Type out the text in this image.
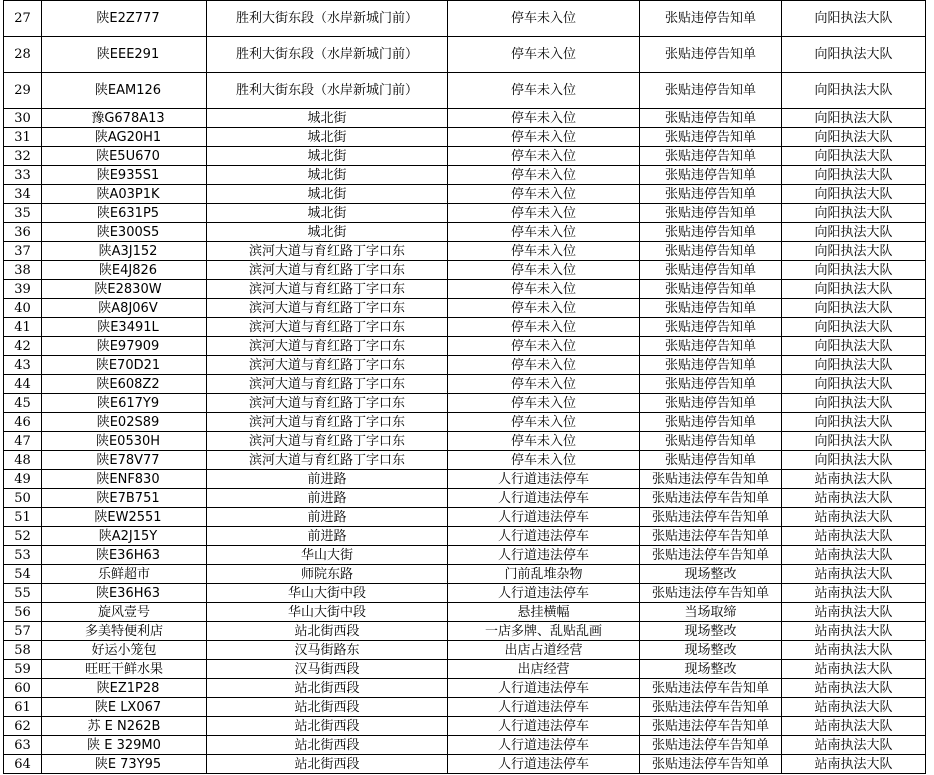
27	陕E2Z777	胜利大街东段（水岸新城门前）	停车未入位	张贴违停告知单	向阳执法大队
28	陕EEE291	胜利大街东段（水岸新城门前）	停车未入位	张贴违停告知单	向阳执法大队
29	陕EAM126	胜利大街东段（水岸新城门前）	停车未入位	张贴违停告知单	向阳执法大队
30	豫G678A13	城北街	停车未入位	张贴违停告知单	向阳执法大队
31	陕AG20H1	城北街	停车未入位	张贴违停告知单	向阳执法大队
32	陕E5U670	城北街	停车未入位	张贴违停告知单	向阳执法大队
33	陕E935S1	城北街	停车未入位	张贴违停告知单	向阳执法大队
34	陕A03P1K	城北街	停车未入位	张贴违停告知单	向阳执法大队
35	陕E631P5	城北街	停车未入位	张贴违停告知单	向阳执法大队
36	陕E300S5	城北街	停车未入位	张贴违停告知单	向阳执法大队
37	陕A3J152	滨河大道与育红路丁字口东	停车未入位	张贴违停告知单	向阳执法大队
38	陕E4J826	滨河大道与育红路丁字口东	停车未入位	张贴违停告知单	向阳执法大队
39	陕E2830W	滨河大道与育红路丁字口东	停车未入位	张贴违停告知单	向阳执法大队
40	陕A8J06V	滨河大道与育红路丁字口东	停车未入位	张贴违停告知单	向阳执法大队
41	陕E3491L	滨河大道与育红路丁字口东	停车未入位	张贴违停告知单	向阳执法大队
42	陕E97909	滨河大道与育红路丁字口东	停车未入位	张贴违停告知单	向阳执法大队
43	陕E70D21	滨河大道与育红路丁字口东	停车未入位	张贴违停告知单	向阳执法大队
44	陕E608Z2	滨河大道与育红路丁字口东	停车未入位	张贴违停告知单	向阳执法大队
45	陕E617Y9	滨河大道与育红路丁字口东	停车未入位	张贴违停告知单	向阳执法大队
46	陕E02S89	滨河大道与育红路丁字口东	停车未入位	张贴违停告知单	向阳执法大队
47	陕E0530H	滨河大道与育红路丁字口东	停车未入位	张贴违停告知单	向阳执法大队
48	陕E78V77	滨河大道与育红路丁字口东	停车未入位	张贴违停告知单	向阳执法大队
49	陕ENF830	前进路	人行道违法停车	张贴违法停车告知单	站南执法大队
50	陕E7B751	前进路	人行道违法停车	张贴违法停车告知单	站南执法大队
51	陕EW2551	前进路	人行道违法停车	张贴违法停车告知单	站南执法大队
52	陕A2J15Y	前进路	人行道违法停车	张贴违法停车告知单	站南执法大队
53	陕E36H63	华山大街	人行道违法停车	张贴违法停车告知单	站南执法大队
54	乐鲜超市	师院东路	门前乱堆杂物	现场整改	站南执法大队
55	陕E36H63	华山大街中段	人行道违法停车	张贴违法停车告知单	站南执法大队
56	旋风壹号	华山大街中段	悬挂横幅	当场取缔	站南执法大队
57	多美特便利店	站北街西段	一店多牌、乱贴乱画	现场整改	站南执法大队
58	好运小笼包	汉马街路东	出店占道经营	现场整改	站南执法大队
59	旺旺干鲜水果	汉马街西段	出店经营	现场整改	站南执法大队
60	陕EZ1P28	站北街西段	人行道违法停车	张贴违法停车告知单	站南执法大队
61	陕E LX067	站北街西段	人行道违法停车	张贴违法停车告知单	站南执法大队
62	苏 E N262B	站北街西段	人行道违法停车	张贴违法停车告知单	站南执法大队
63	陕 E 329M0	站北街西段	人行道违法停车	张贴违法停车告知单	站南执法大队
64	陕E 73Y95	站北街西段	人行道违法停车	张贴违法停车告知单	站南执法大队
